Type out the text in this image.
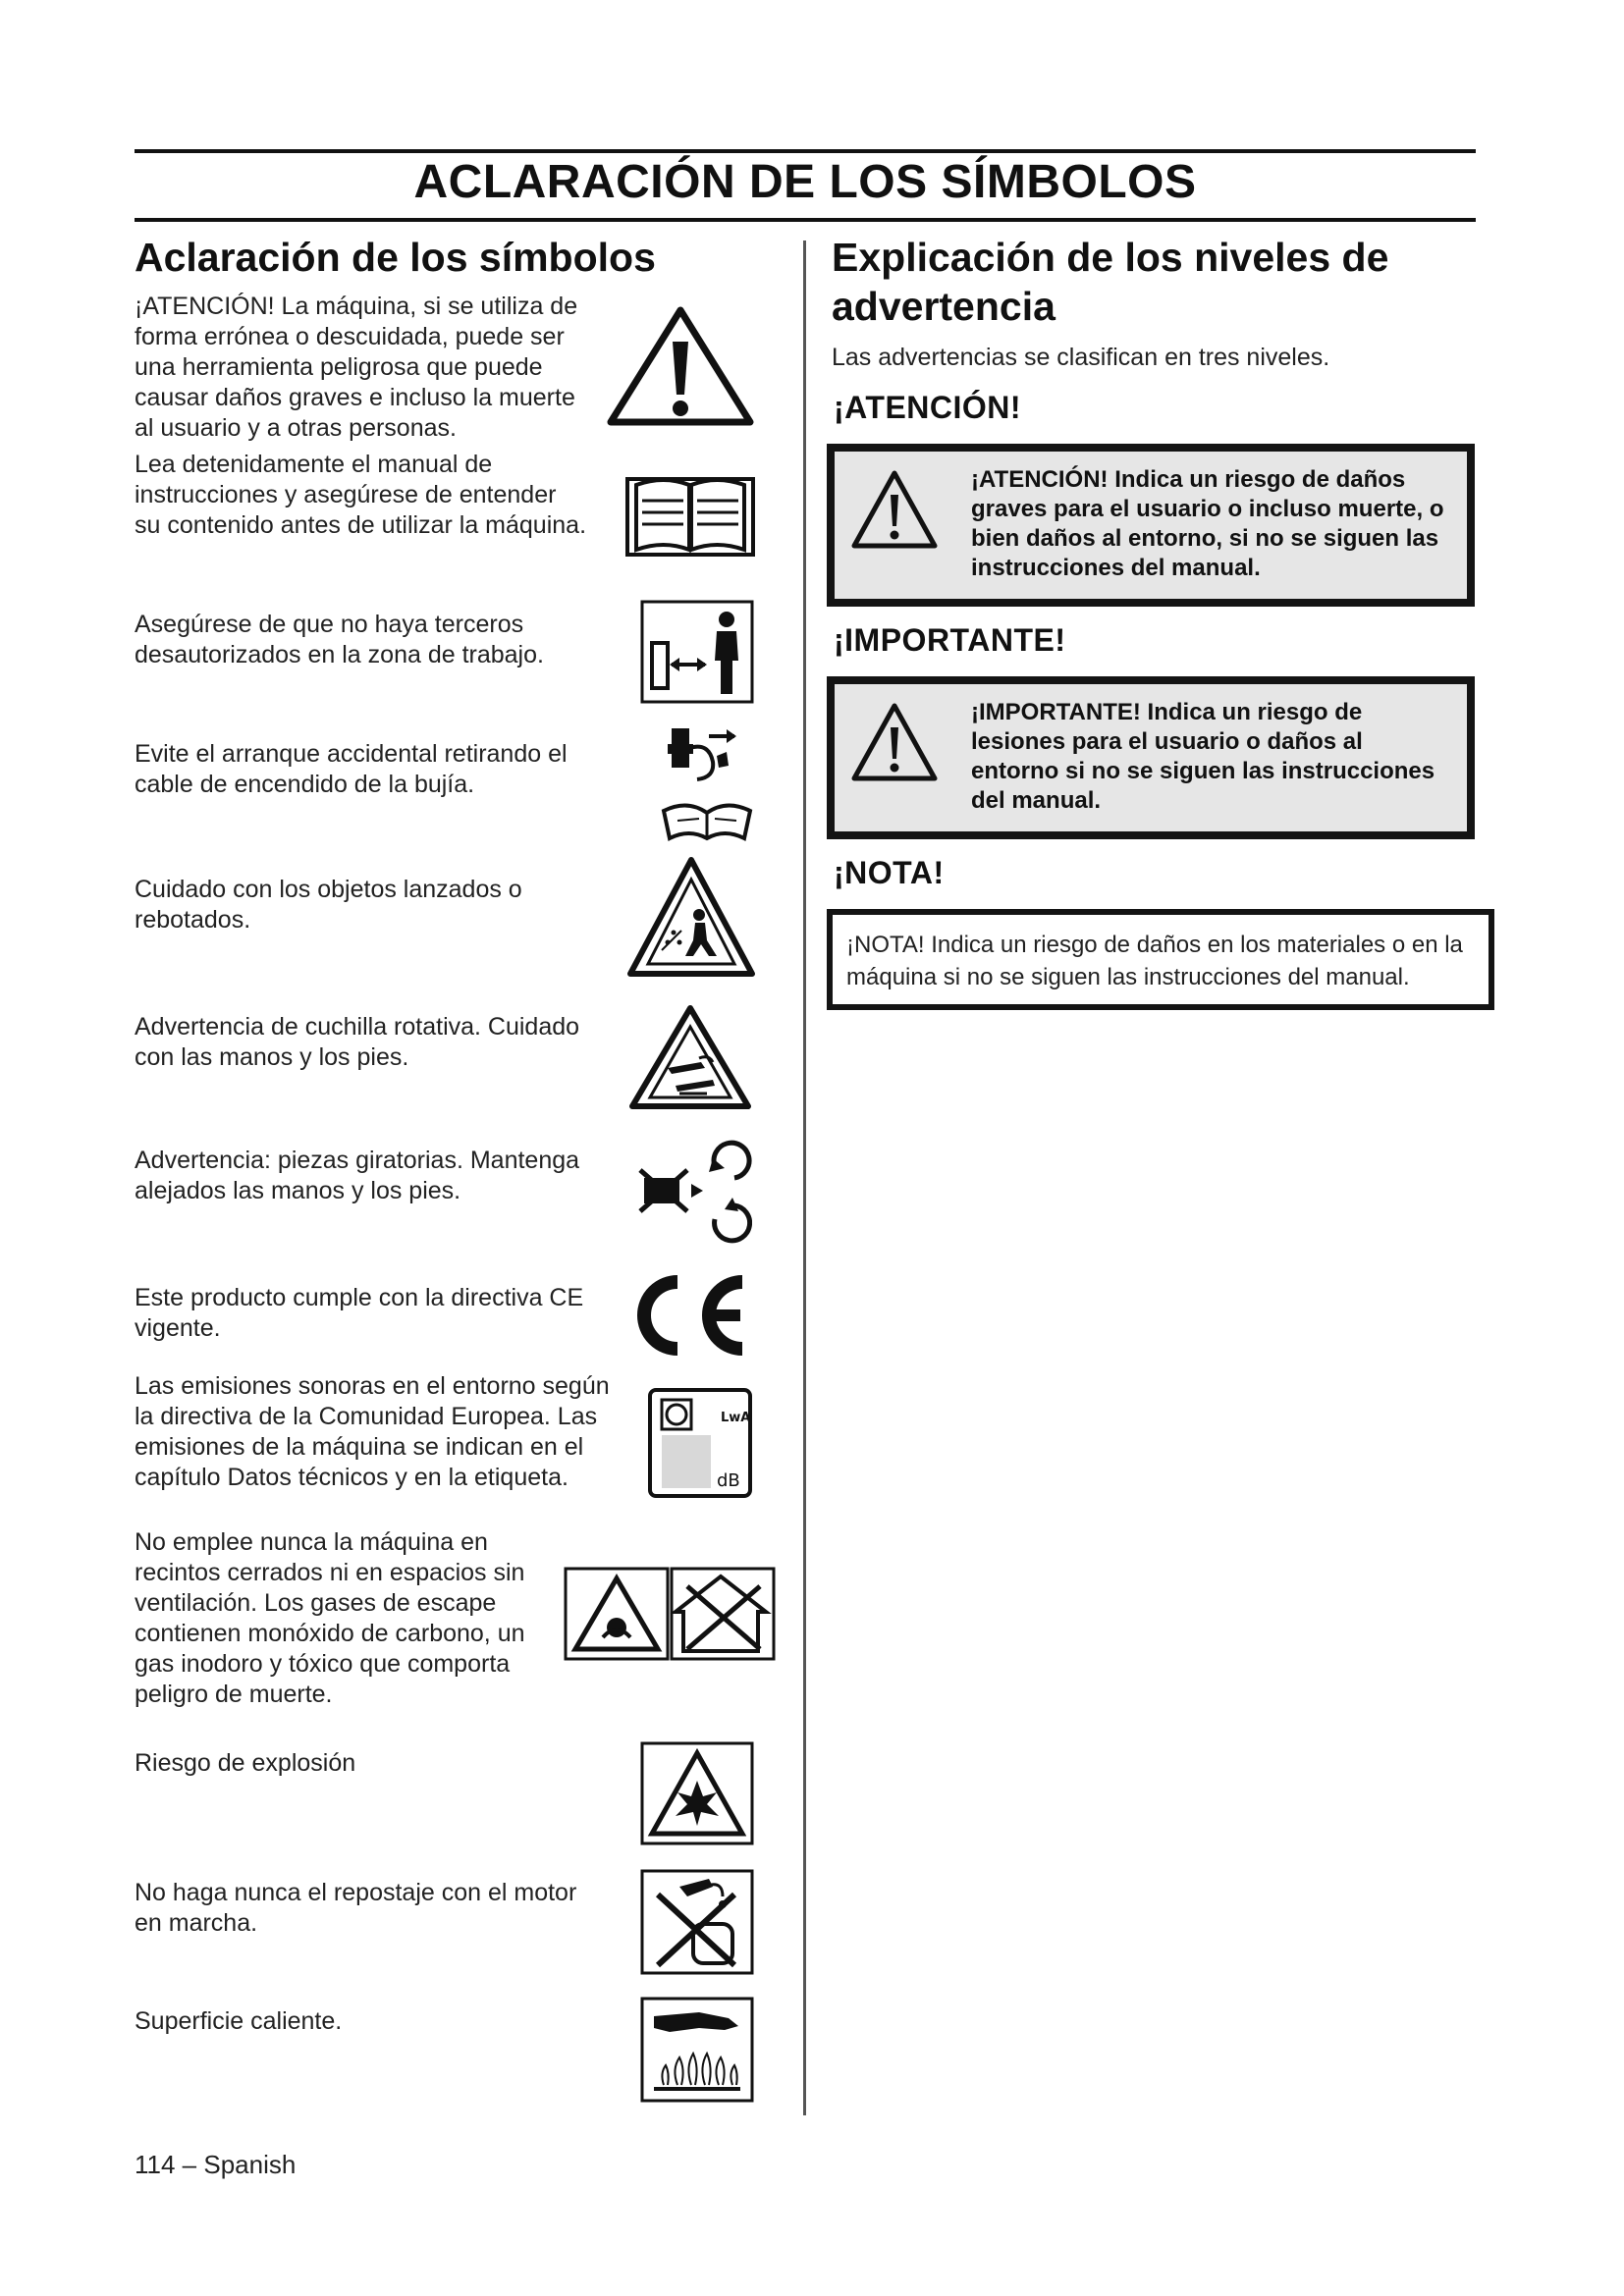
ACLARACIÓN DE LOS SÍMBOLOS
Aclaración de los símbolos

¡ATENCIÓN! La máquina, si se utiliza de forma errónea o descuidada, puede ser una herramienta peligrosa que puede causar daños graves e incluso la muerte al usuario y a otras personas.

Lea detenidamente el manual de instrucciones y asegúrese de entender su contenido antes de utilizar la máquina.

Asegúrese de que no haya terceros desautorizados en la zona de trabajo.

Evite el arranque accidental retirando el cable de encendido de la bujía.

Cuidado con los objetos lanzados o rebotados.

Advertencia de cuchilla rotativa. Cuidado con las manos y los pies.

Advertencia: piezas giratorias. Mantenga alejados las manos y los pies.

Este producto cumple con la directiva CE vigente.

Las emisiones sonoras en el entorno según la directiva de la Comunidad Europea. Las emisiones de la máquina se indican en el capítulo Datos técnicos y en la etiqueta.

LwA
dB

No emplee nunca la máquina en recintos cerrados ni en espacios sin ventilación. Los gases de escape contienen monóxido de carbono, un gas inodoro y tóxico que comporta peligro de muerte.

Riesgo de explosión

No haga nunca el repostaje con el motor en marcha.

Superficie caliente.

Explicación de los niveles de advertencia

Las advertencias se clasifican en tres niveles.

¡ATENCIÓN!
¡ATENCIÓN! Indica un riesgo de daños graves para el usuario o incluso muerte, o bien daños al entorno, si no se siguen las instrucciones del manual.
¡IMPORTANTE!
¡IMPORTANTE! Indica un riesgo de lesiones para el usuario o daños al entorno si no se siguen las instrucciones del manual.
¡NOTA!
¡NOTA! Indica un riesgo de daños en los materiales o en la máquina si no se siguen las instrucciones del manual.
114 – Spanish
